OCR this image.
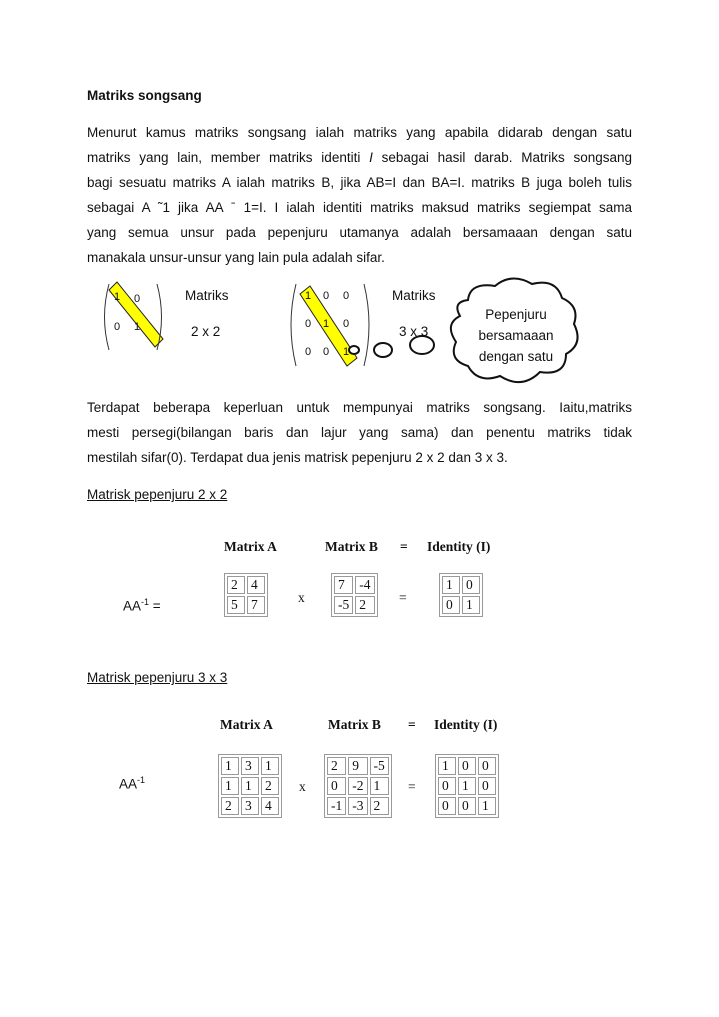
Matriks songsang
Menurut kamus matriks songsang ialah matriks yang apabila didarab dengan satu
matriks yang lain, member matriks identiti I sebagai hasil darab. Matriks songsang
bagi sesuatu matriks A ialah matriks B, jika AB=I dan BA=I. matriks B juga boleh tulis
sebagai A ˜1 jika AA ˉ 1=I. I ialah identiti matriks maksud matriks segiempat sama
yang semua unsur pada pepenjuru utamanya adalah bersamaaan dengan satu
manakala unsur-unsur yang lain pula adalah sifar.
1 0
0 1
Matriks
2 x 2
1 0 0
0 1 0
0 0 1
Matriks
3 x 3
Pepenjuru
bersamaaan
dengan satu
Terdapat beberapa keperluan untuk mempunyai matriks songsang. Iaitu,matriks
mesti persegi(bilangan baris dan lajur yang sama) dan penentu matriks tidak
mestilah sifar(0). Terdapat dua jenis matrisk pepenjuru 2 x 2 dan 3 x 3.
Matrisk pepenjuru 2 x 2
Matrix A	Matrix B = Identity (I)
$AA^{-1}$ =
2	4
5	7	x
7	-4
-5	2 =
1	0
0	1
Matrisk pepenjuru 3 x 3
Matrix A	Matrix B = Identity (I)
$AA^{-1}$
1	3	1
1	1	2
2	3	4
x
2	9	-5
0	-2	1
-1	-3	2
=
1	0	0
0	1	0
0	0	1
